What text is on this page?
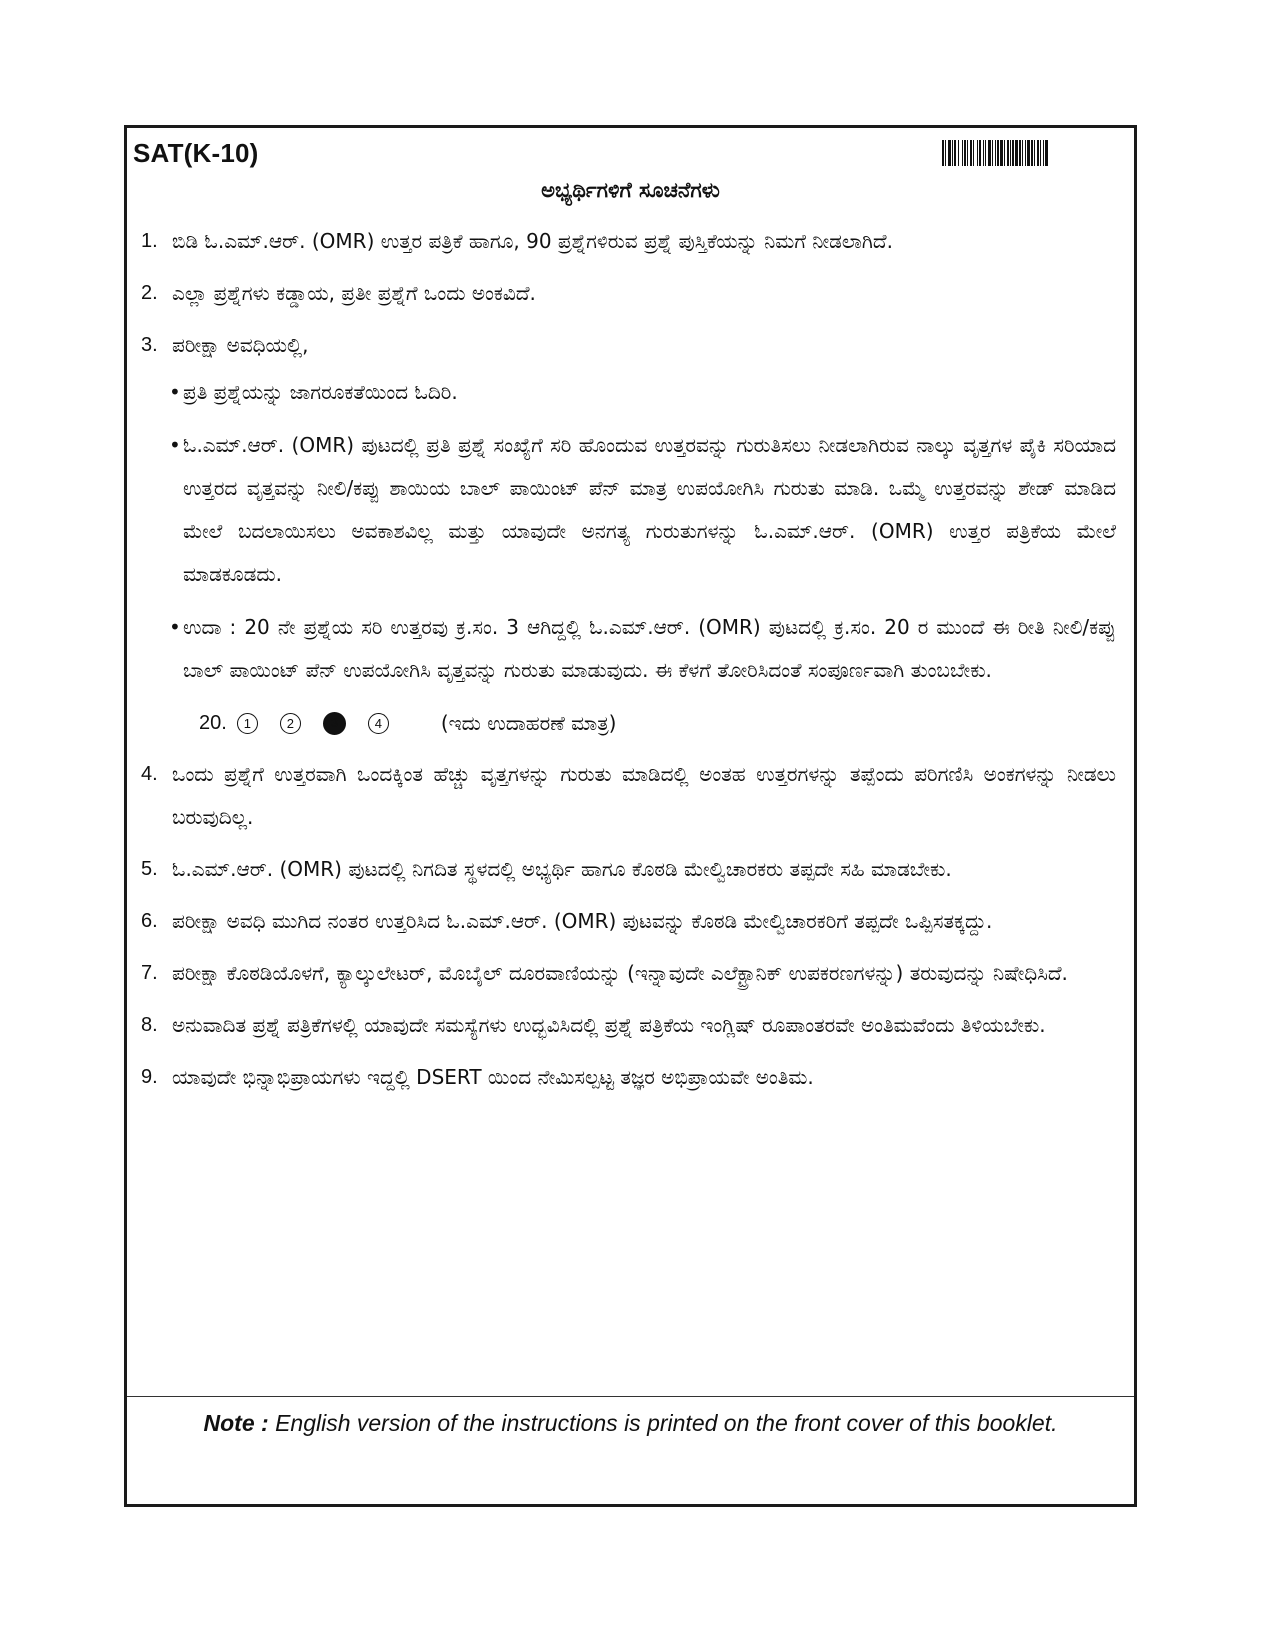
SAT(K-10)
ಅಭ್ಯರ್ಥಿಗಳಿಗೆ ಸೂಚನೆಗಳು
1. ಬಿಡಿ ಓ.ಎಮ್.ಆರ್. (OMR) ಉತ್ತರ ಪತ್ರಿಕೆ ಹಾಗೂ, 90 ಪ್ರಶ್ನೆಗಳಿರುವ ಪ್ರಶ್ನೆ ಪುಸ್ತಿಕೆಯನ್ನು ನಿಮಗೆ ನೀಡಲಾಗಿದೆ.
2. ಎಲ್ಲಾ ಪ್ರಶ್ನೆಗಳು ಕಡ್ಡಾಯ, ಪ್ರತೀ ಪ್ರಶ್ನೆಗೆ ಒಂದು ಅಂಕವಿದೆ.
3. ಪರೀಕ್ಷಾ ಅವಧಿಯಲ್ಲಿ,
• ಪ್ರತಿ ಪ್ರಶ್ನೆಯನ್ನು ಜಾಗರೂಕತೆಯಿಂದ ಓದಿರಿ.
• ಓ.ಎಮ್.ಆರ್. (OMR) ಪುಟದಲ್ಲಿ ಪ್ರತಿ ಪ್ರಶ್ನೆ ಸಂಖ್ಯೆಗೆ ಸರಿ ಹೊಂದುವ ಉತ್ತರವನ್ನು ಗುರುತಿಸಲು ನೀಡಲಾಗಿರುವ ನಾಲ್ಕು ವೃತ್ತಗಳ ಪೈಕಿ ಸರಿಯಾದ ಉತ್ತರದ ವೃತ್ತವನ್ನು ನೀಲಿ/ಕಪ್ಪು ಶಾಯಿಯ ಬಾಲ್ ಪಾಯಿಂಟ್ ಪೆನ್ ಮಾತ್ರ ಉಪಯೋಗಿಸಿ ಗುರುತು ಮಾಡಿ. ಒಮ್ಮೆ ಉತ್ತರವನ್ನು ಶೇಡ್ ಮಾಡಿದ ಮೇಲೆ ಬದಲಾಯಿಸಲು ಅವಕಾಶವಿಲ್ಲ ಮತ್ತು ಯಾವುದೇ ಅನಗತ್ಯ ಗುರುತುಗಳನ್ನು ಓ.ಎಮ್.ಆರ್. (OMR) ಉತ್ತರ ಪತ್ರಿಕೆಯ ಮೇಲೆ ಮಾಡಕೂಡದು.
• ಉದಾ : 20 ನೇ ಪ್ರಶ್ನೆಯ ಸರಿ ಉತ್ತರವು ಕ್ರ.ಸಂ. 3 ಆಗಿದ್ದಲ್ಲಿ ಓ.ಎಮ್.ಆರ್. (OMR) ಪುಟದಲ್ಲಿ ಕ್ರ.ಸಂ. 20 ರ ಮುಂದೆ ಈ ರೀತಿ ನೀಲಿ/ಕಪ್ಪು ಬಾಲ್ ಪಾಯಿಂಟ್ ಪೆನ್ ಉಪಯೋಗಿಸಿ ವೃತ್ತವನ್ನು ಗುರುತು ಮಾಡುವುದು. ಈ ಕೆಳಗೆ ತೋರಿಸಿದಂತೆ ಸಂಪೂರ್ಣವಾಗಿ ತುಂಬಬೇಕು.
20.	1	2	3	4	(ಇದು ಉದಾಹರಣೆ ಮಾತ್ರ)
4. ಒಂದು ಪ್ರಶ್ನೆಗೆ ಉತ್ತರವಾಗಿ ಒಂದಕ್ಕಿಂತ ಹೆಚ್ಚು ವೃತ್ತಗಳನ್ನು ಗುರುತು ಮಾಡಿದಲ್ಲಿ ಅಂತಹ ಉತ್ತರಗಳನ್ನು ತಪ್ಪೆಂದು ಪರಿಗಣಿಸಿ ಅಂಕಗಳನ್ನು ನೀಡಲು ಬರುವುದಿಲ್ಲ.
5. ಓ.ಎಮ್.ಆರ್. (OMR) ಪುಟದಲ್ಲಿ ನಿಗದಿತ ಸ್ಥಳದಲ್ಲಿ ಅಭ್ಯರ್ಥಿ ಹಾಗೂ ಕೊಠಡಿ ಮೇಲ್ವಿಚಾರಕರು ತಪ್ಪದೇ ಸಹಿ ಮಾಡಬೇಕು.
6. ಪರೀಕ್ಷಾ ಅವಧಿ ಮುಗಿದ ನಂತರ ಉತ್ತರಿಸಿದ ಓ.ಎಮ್.ಆರ್. (OMR) ಪುಟವನ್ನು ಕೊಠಡಿ ಮೇಲ್ವಿಚಾರಕರಿಗೆ ತಪ್ಪದೇ ಒಪ್ಪಿಸತಕ್ಕದ್ದು.
7. ಪರೀಕ್ಷಾ ಕೊಠಡಿಯೊಳಗೆ, ಕ್ಯಾಲ್ಕುಲೇಟರ್, ಮೊಬೈಲ್ ದೂರವಾಣಿಯನ್ನು (ಇನ್ನಾವುದೇ ಎಲೆಕ್ಟ್ರಾನಿಕ್ ಉಪಕರಣಗಳನ್ನು) ತರುವುದನ್ನು ನಿಷೇಧಿಸಿದೆ.
8. ಅನುವಾದಿತ ಪ್ರಶ್ನೆ ಪತ್ರಿಕೆಗಳಲ್ಲಿ ಯಾವುದೇ ಸಮಸ್ಯೆಗಳು ಉದ್ಭವಿಸಿದಲ್ಲಿ ಪ್ರಶ್ನೆ ಪತ್ರಿಕೆಯ ಇಂಗ್ಲಿಷ್ ರೂಪಾಂತರವೇ ಅಂತಿಮವೆಂದು ತಿಳಿಯಬೇಕು.
9. ಯಾವುದೇ ಭಿನ್ನಾಭಿಪ್ರಾಯಗಳು ಇದ್ದಲ್ಲಿ DSERT ಯಿಂದ ನೇಮಿಸಲ್ಪಟ್ಟ ತಜ್ಞರ ಅಭಿಪ್ರಾಯವೇ ಅಂತಿಮ.
Note : English version of the instructions is printed on the front cover of this booklet.
